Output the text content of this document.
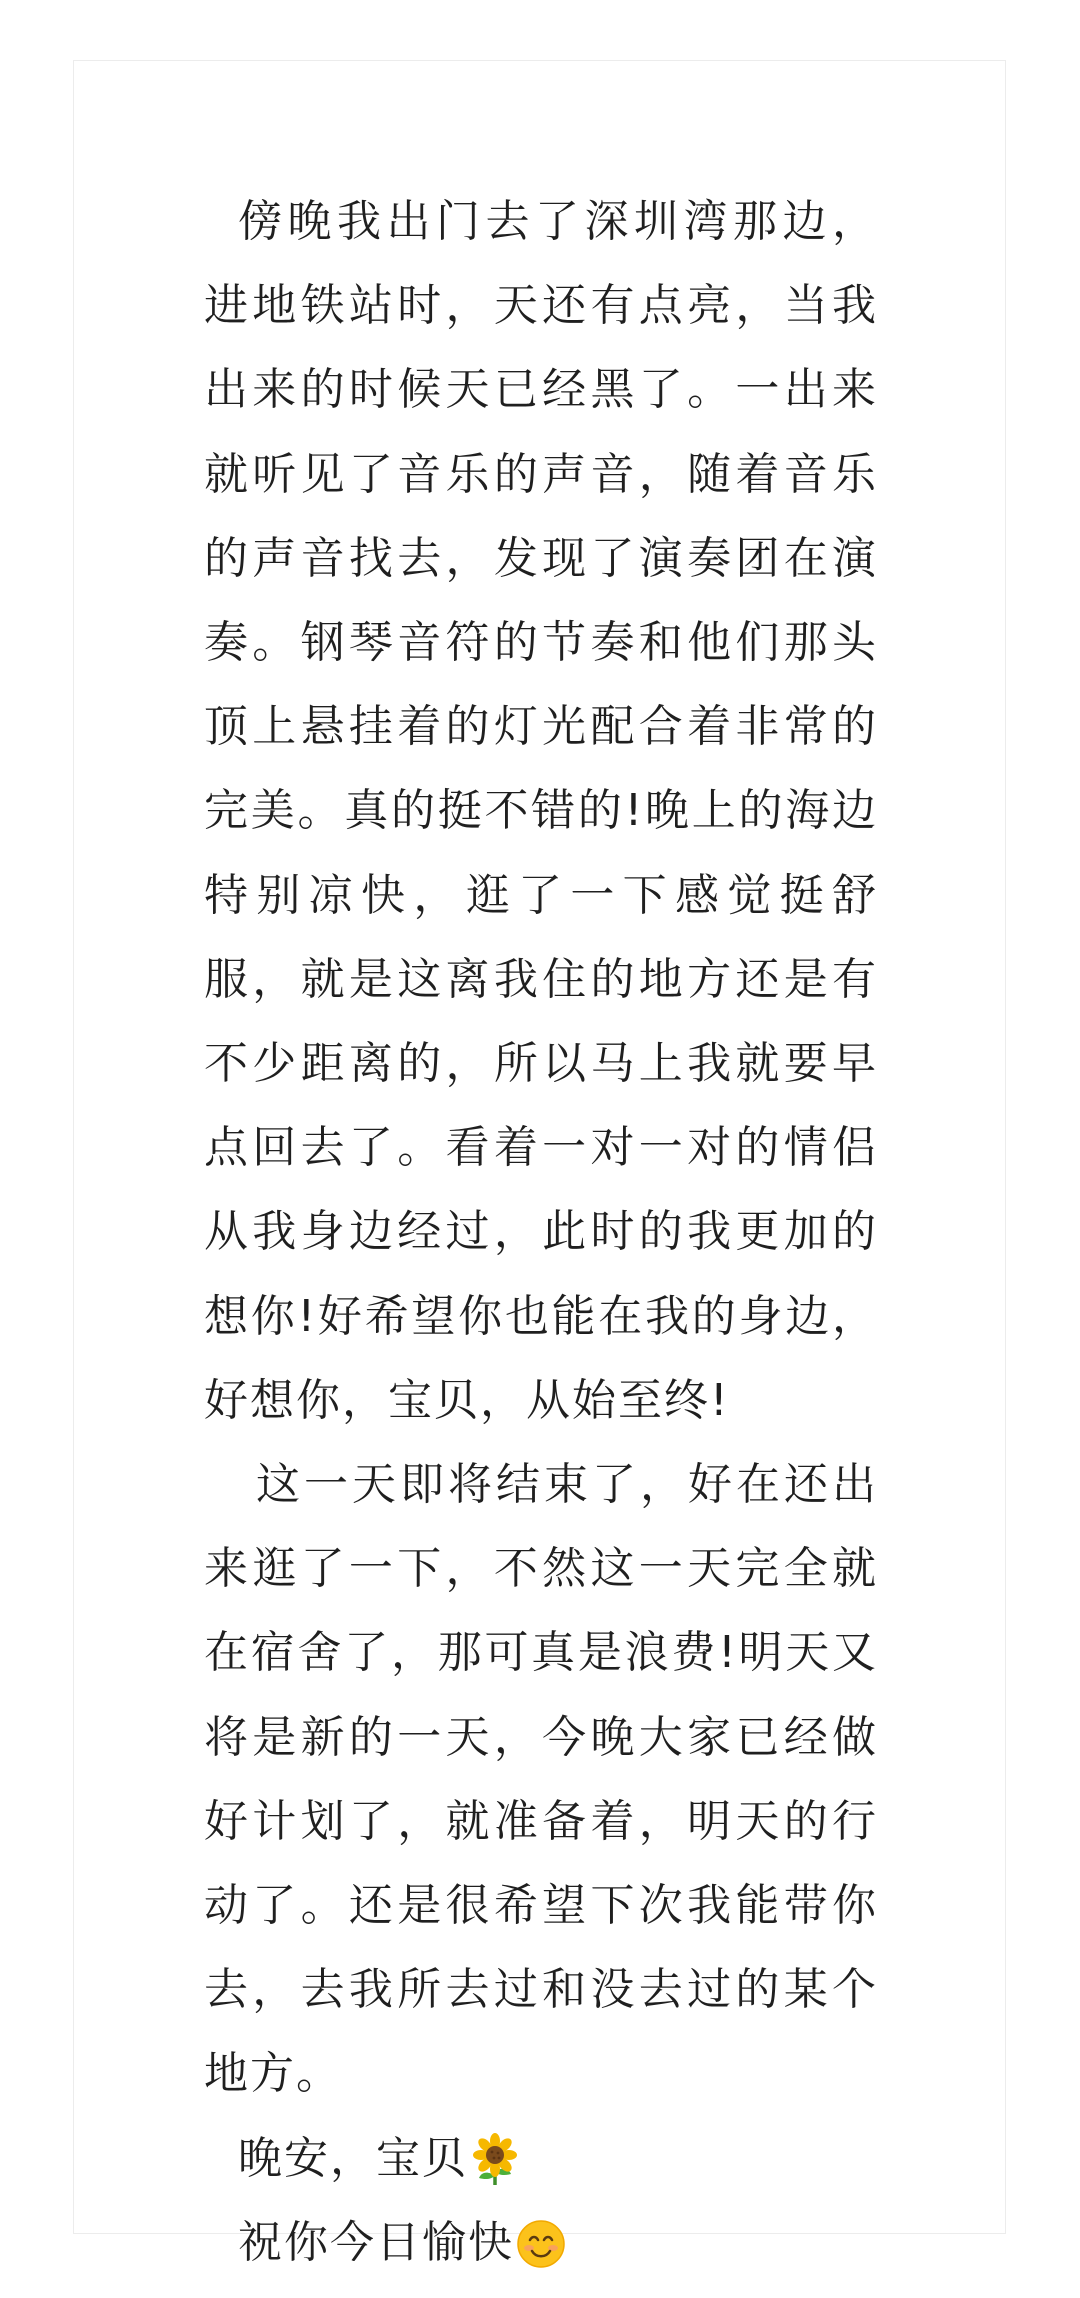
傍晚我出门去了深圳湾那边，进地铁站时，天还有点亮，当我出来的时候天已经黑了。一出来就听见了音乐的声音，随着音乐的声音找去，发现了演奏团在演奏。钢琴音符的节奏和他们那头顶上悬挂着的灯光配合着非常的完美。真的挺不错的!晚上的海边特别凉快，逛了一下感觉挺舒服，就是这离我住的地方还是有不少距离的，所以马上我就要早点回去了。看着一对一对的情侣从我身边经过，此时的我更加的想你!好希望你也能在我的身边，好想你，宝贝，从始至终!

这一天即将结束了，好在还出来逛了一下，不然这一天完全就在宿舍了，那可真是浪费!明天又将是新的一天，今晚大家已经做好计划了，就准备着，明天的行动了。还是很希望下次我能带你去，去我所去过和没去过的某个地方。

晚安，宝贝

祝你今日愉快
